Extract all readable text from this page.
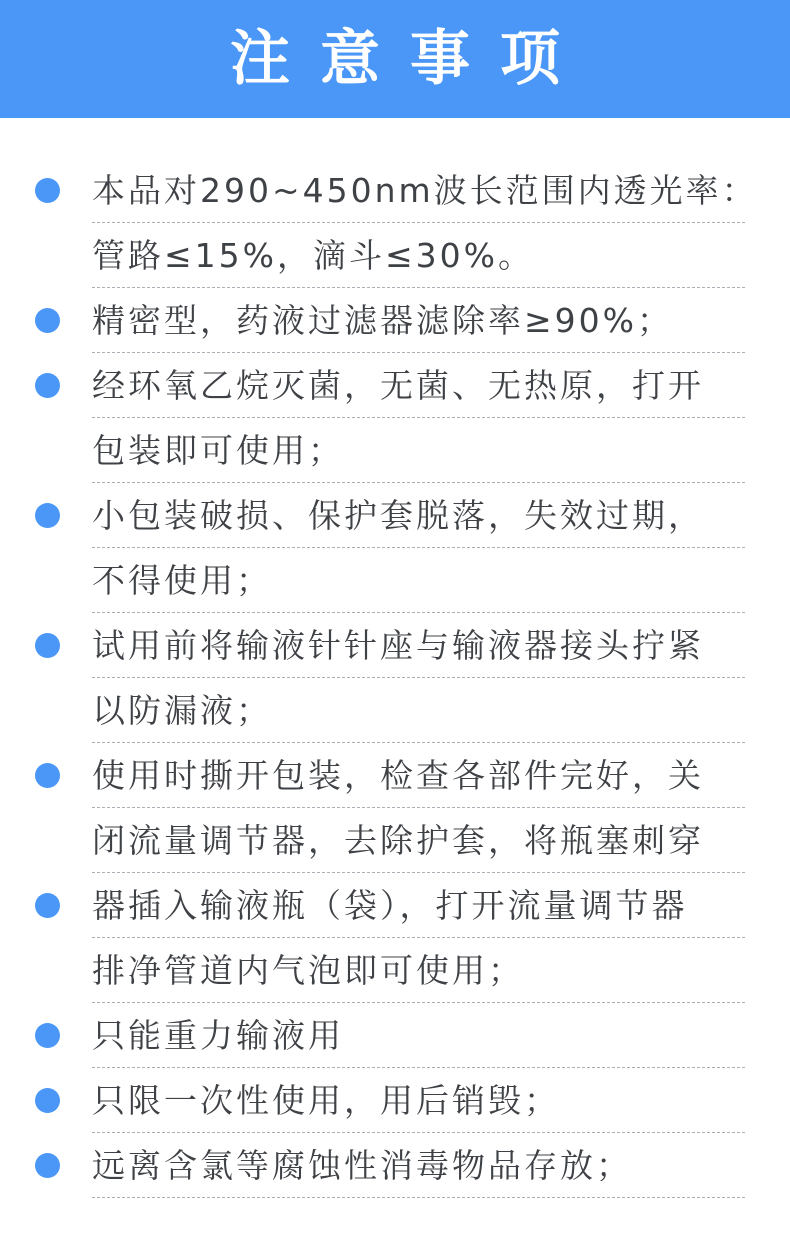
注意事项
本品对290~450nm波长范围内透光率：
管路≤15%，滴斗≤30%。
精密型，药液过滤器滤除率≥90%；
经环氧乙烷灭菌，无菌、无热原，打开
包装即可使用；
小包装破损、保护套脱落，失效过期，
不得使用；
试用前将输液针针座与输液器接头拧紧
以防漏液；
使用时撕开包装，检查各部件完好，关
闭流量调节器，去除护套，将瓶塞刺穿
器插入输液瓶（袋），打开流量调节器
排净管道内气泡即可使用；
只能重力输液用
只限一次性使用，用后销毁；
远离含氯等腐蚀性消毒物品存放；
